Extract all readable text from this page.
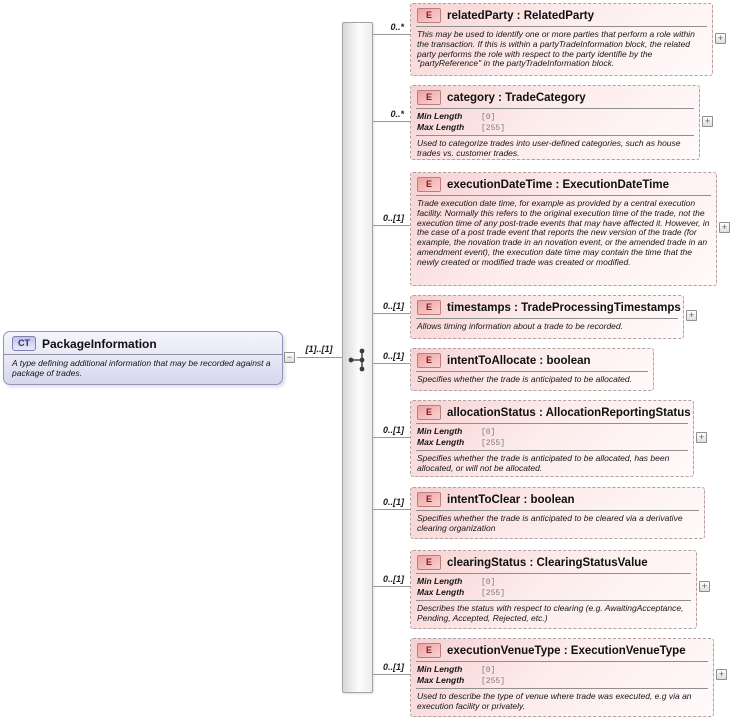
CT	PackageInformation
A type defining additional information that may be recorded against a package of trades.
−
[1]..[1]
0..*
0..*
0..[1]
0..[1]
0..[1]
0..[1]
0..[1]
0..[1]
0..[1]
E	relatedParty : RelatedParty
This may be used to identify one or more parties that perform a role within the transaction. If this is within a partyTradeInformation block, the related party performs the role with respect to the party identifie by the "partyReference" in the partyTradeInformation block.
+
E	category : TradeCategory
Min Length	[0]
Max Length	[255]
Used to categorize trades into user-defined categories, such as house trades vs. customer trades.
+
E	executionDateTime : ExecutionDateTime
Trade execution date time, for example as provided by a central execution facility. Normally this refers to the original execution time of the trade, not the execution time of any post-trade events that may have affected it. However, in the case of a post trade event that reports the new version of the trade (for example, the novation trade in an novation event, or the amended trade in an amendment event), the execution date time may contain the time that the newly created or modified trade was created or modified.
+
E	timestamps : TradeProcessingTimestamps
Allows timing information about a trade to be recorded.
+
E	intentToAllocate : boolean
Specifies whether the trade is anticipated to be allocated.
E	allocationStatus : AllocationReportingStatus
Min Length	[0]
Max Length	[255]
Specifies whether the trade is anticipated to be allocated, has been allocated, or will not be allocated.
+
E	intentToClear : boolean
Specifies whether the trade is anticipated to be cleared via a derivative clearing organization
E	clearingStatus : ClearingStatusValue
Min Length	[0]
Max Length	[255]
Describes the status with respect to clearing (e.g. AwaitingAcceptance, Pending, Accepted, Rejected, etc.)
+
E	executionVenueType : ExecutionVenueType
Min Length	[0]
Max Length	[255]
Used to describe the type of venue where trade was executed, e.g via an execution facility or privately.
+
